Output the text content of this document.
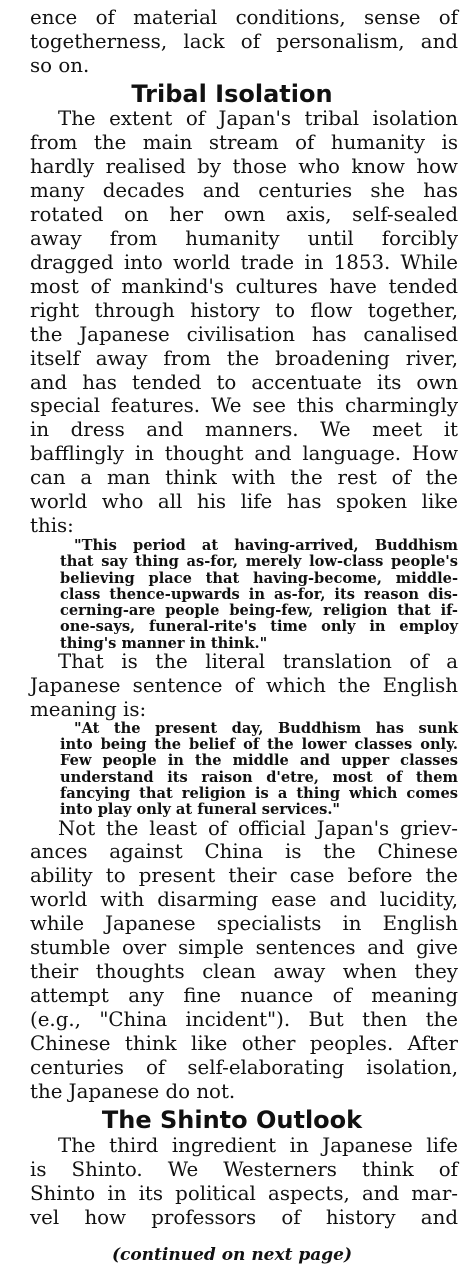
ence of material conditions, sense of
togetherness, lack of personalism, and
so on.
Tribal Isolation
The extent of Japan's tribal isolation
from the main stream of humanity is
hardly realised by those who know how
many decades and centuries she has
rotated on her own axis, self-sealed
away from humanity until forcibly
dragged into world trade in 1853. While
most of mankind's cultures have tended
right through history to flow together,
the Japanese civilisation has canalised
itself away from the broadening river,
and has tended to accentuate its own
special features. We see this charmingly
in dress and manners. We meet it
bafflingly in thought and language. How
can a man think with the rest of the
world who all his life has spoken like
this:
"This period at having-arrived, Buddhism
that say thing as-for, merely low-class people's
believing place that having-become, middle-
class thence-upwards in as-for, its reason dis-
cerning-are people being-few, religion that if-
one-says, funeral-rite's time only in employ
thing's manner in think."
That is the literal translation of a
Japanese sentence of which the English
meaning is:
"At the present day, Buddhism has sunk
into being the belief of the lower classes only.
Few people in the middle and upper classes
understand its raison d'etre, most of them
fancying that religion is a thing which comes
into play only at funeral services."
Not the least of official Japan's griev-
ances against China is the Chinese
ability to present their case before the
world with disarming ease and lucidity,
while Japanese specialists in English
stumble over simple sentences and give
their thoughts clean away when they
attempt any fine nuance of meaning
(e.g., "China incident"). But then the
Chinese think like other peoples. After
centuries of self-elaborating isolation,
the Japanese do not.
The Shinto Outlook
The third ingredient in Japanese life
is Shinto. We Westerners think of
Shinto in its political aspects, and mar-
vel how professors of history and
(continued on next page)
